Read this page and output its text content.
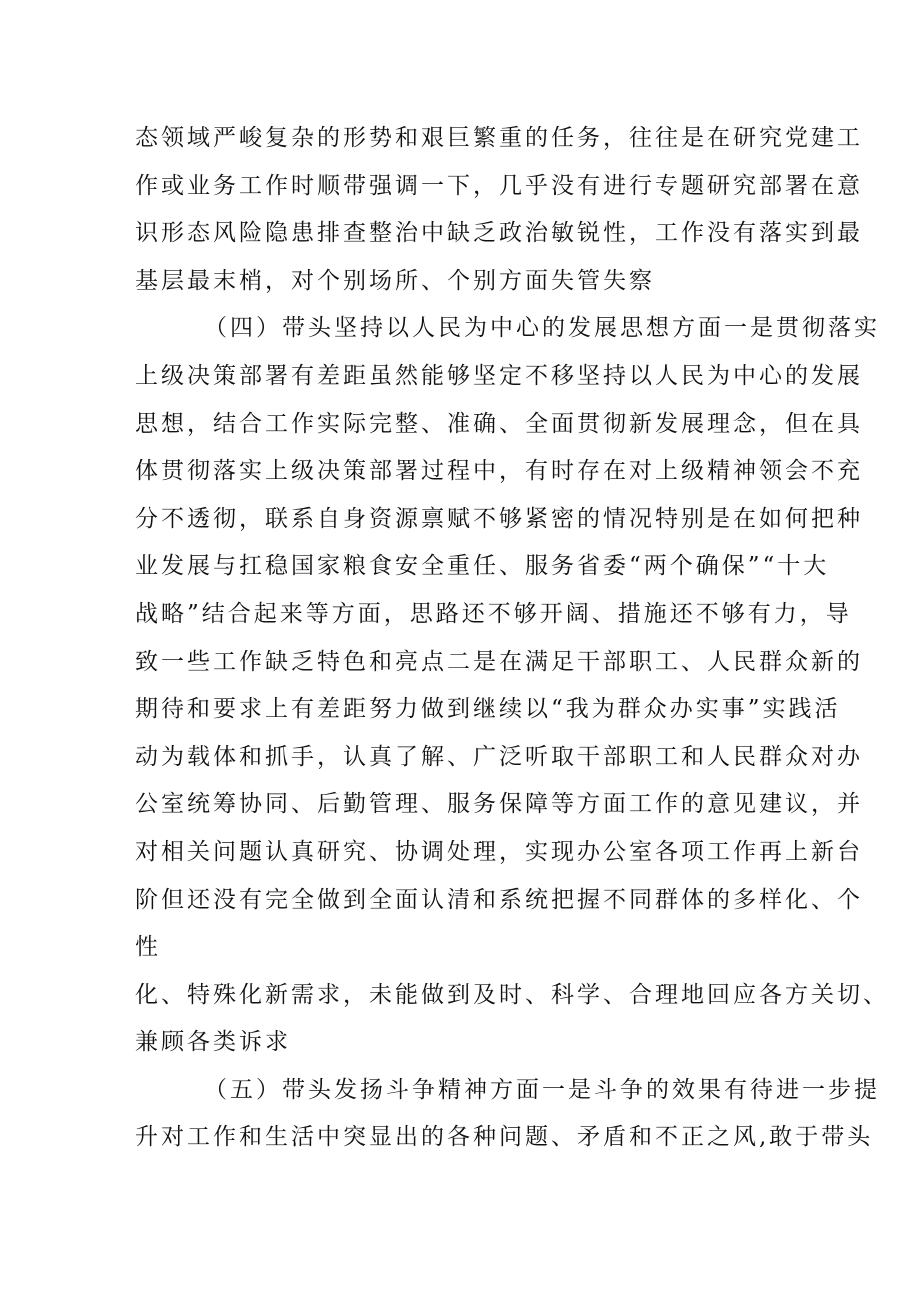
态领域严峻复杂的形势和艰巨繁重的任务，往往是在研究党建工
作或业务工作时顺带强调一下，几乎没有进行专题研究部署在意
识形态风险隐患排查整治中缺乏政治敏锐性，工作没有落实到最
基层最末梢，对个别场所、个别方面失管失察
（四）带头坚持以人民为中心的发展思想方面一是贯彻落实
上级决策部署有差距虽然能够坚定不移坚持以人民为中心的发展
思想，结合工作实际完整、准确、全面贯彻新发展理念，但在具
体贯彻落实上级决策部署过程中，有时存在对上级精神领会不充
分不透彻，联系自身资源禀赋不够紧密的情况特别是在如何把种
业发展与扛稳国家粮食安全重任、服务省委“两个确保”“十大
战略”结合起来等方面，思路还不够开阔、措施还不够有力，导
致一些工作缺乏特色和亮点二是在满足干部职工、人民群众新的
期待和要求上有差距努力做到继续以“我为群众办实事”实践活
动为载体和抓手，认真了解、广泛听取干部职工和人民群众对办
公室统筹协同、后勤管理、服务保障等方面工作的意见建议，并
对相关问题认真研究、协调处理，实现办公室各项工作再上新台
阶但还没有完全做到全面认清和系统把握不同群体的多样化、个
性
化、特殊化新需求，未能做到及时、科学、合理地回应各方关切、
兼顾各类诉求
（五）带头发扬斗争精神方面一是斗争的效果有待进一步提
升对工作和生活中突显出的各种问题、矛盾和不正之风,敢于带头
